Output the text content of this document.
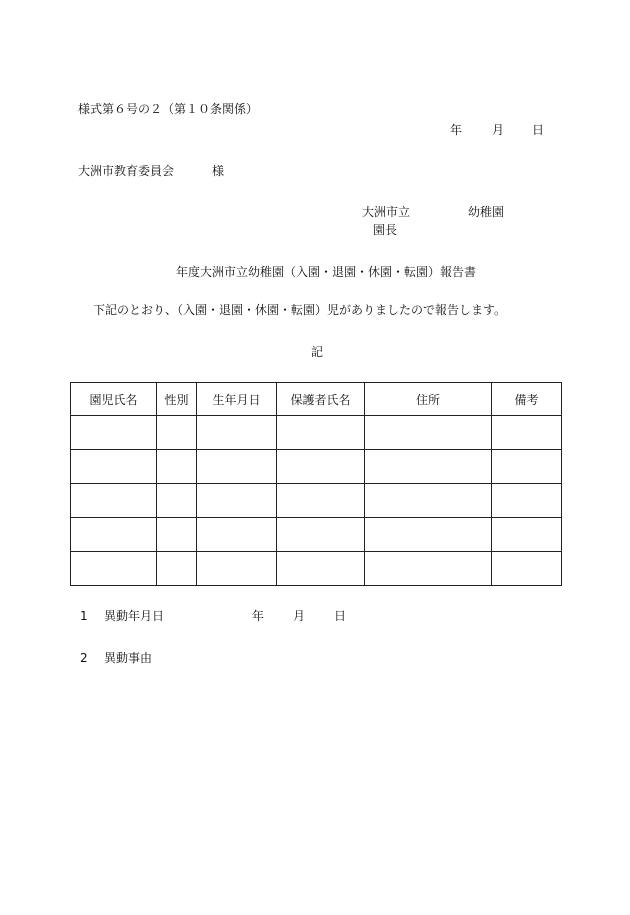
様式第６号の２（第１０条関係）
年 月 日
大洲市教育委員会	様
大洲市立	幼稚園
園長
年度大洲市立幼稚園（入園・退園・休園・転園）報告書
下記のとおり、（入園・退園・休園・転園）児がありましたので報告します。
記
園児氏名	性別	生年月日	保護者氏名	住所	備考

1 異動年月日	年 月 日
2 異動事由
